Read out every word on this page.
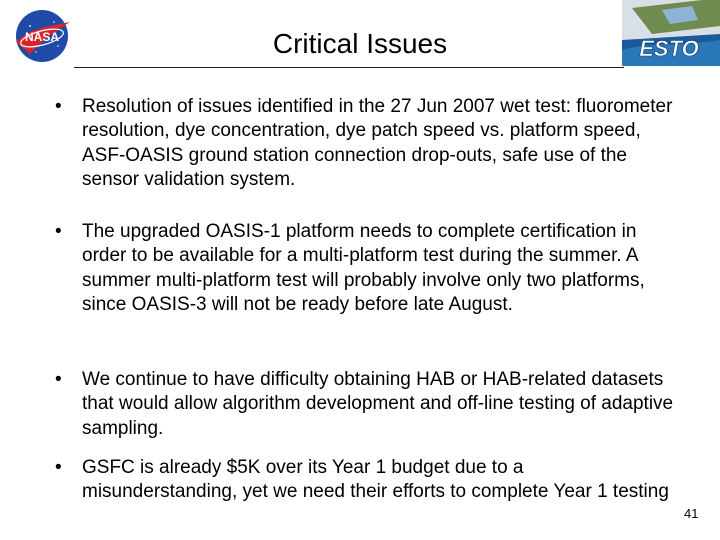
NASA	ESTO
Critical Issues
• Resolution of issues identified in the 27 Jun 2007 wet test: fluorometer resolution, dye concentration, dye patch speed vs. platform speed, ASF-OASIS ground station connection drop-outs, safe use of the sensor validation system.
• The upgraded OASIS-1 platform needs to complete certification in order to be available for a multi-platform test during the summer. A summer multi-platform test will probably involve only two platforms, since OASIS-3 will not be ready before late August.
• We continue to have difficulty obtaining HAB or HAB-related datasets that would allow algorithm development and off-line testing of adaptive sampling.
• GSFC is already $5K over its Year 1 budget due to a misunderstanding, yet we need their efforts to complete Year 1 testing
41
